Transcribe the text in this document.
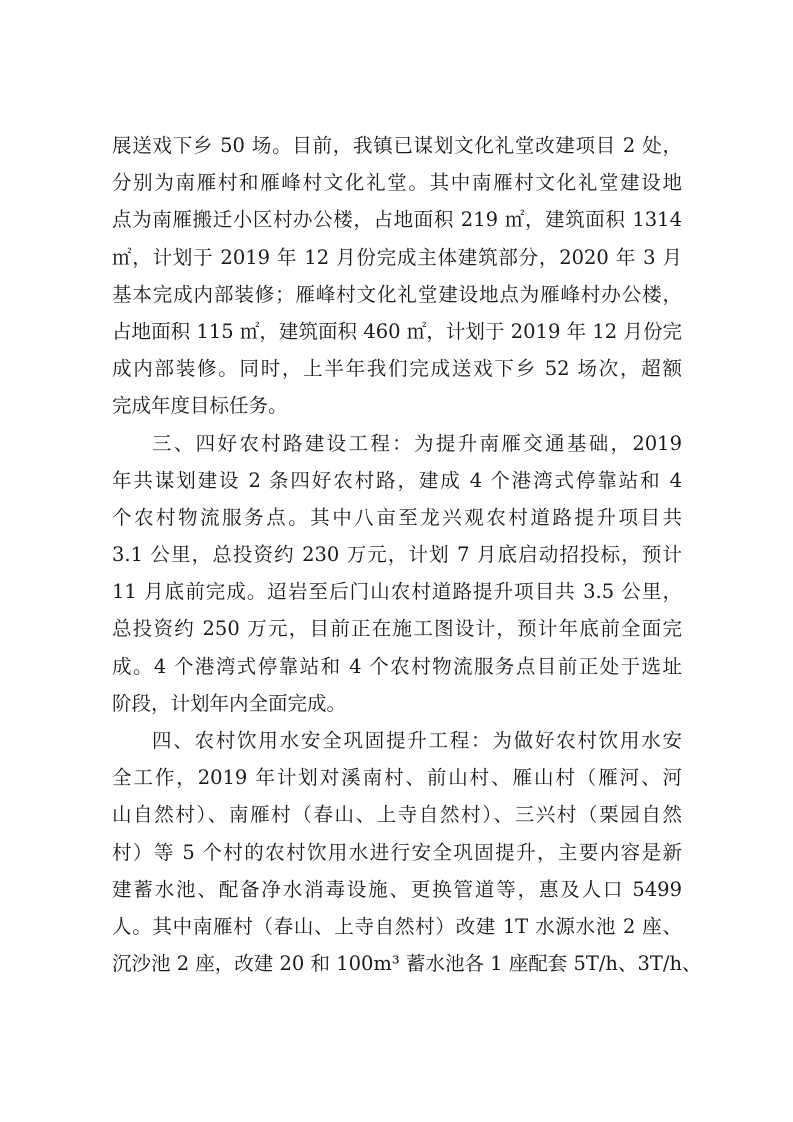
展送戏下乡 50 场。目前，我镇已谋划文化礼堂改建项目 2 处，
分别为南雁村和雁峰村文化礼堂。其中南雁村文化礼堂建设地
点为南雁搬迁小区村办公楼，占地面积 219 ㎡，建筑面积 1314
㎡，计划于 2019 年 12 月份完成主体建筑部分，2020 年 3 月
基本完成内部装修；雁峰村文化礼堂建设地点为雁峰村办公楼，
占地面积 115 ㎡，建筑面积 460 ㎡，计划于 2019 年 12 月份完
成内部装修。同时，上半年我们完成送戏下乡 52 场次，超额
完成年度目标任务。
三、四好农村路建设工程：为提升南雁交通基础，2019
年共谋划建设 2 条四好农村路，建成 4 个港湾式停靠站和 4
个农村物流服务点。其中八亩至龙兴观农村道路提升项目共
3.1 公里，总投资约 230 万元，计划 7 月底启动招投标，预计
11 月底前完成。迢岩至后门山农村道路提升项目共 3.5 公里，
总投资约 250 万元，目前正在施工图设计，预计年底前全面完
成。4 个港湾式停靠站和 4 个农村物流服务点目前正处于选址
阶段，计划年内全面完成。
四、农村饮用水安全巩固提升工程：为做好农村饮用水安
全工作，2019 年计划对溪南村、前山村、雁山村（雁河、河
山自然村）、南雁村（春山、上寺自然村）、三兴村（栗园自然
村）等 5 个村的农村饮用水进行安全巩固提升，主要内容是新
建蓄水池、配备净水消毒设施、更换管道等，惠及人口 5499
人。其中南雁村（春山、上寺自然村）改建 1T 水源水池 2 座、
沉沙池 2 座，改建 20 和 100m³ 蓄水池各 1 座配套 5T/h、3T/h、
